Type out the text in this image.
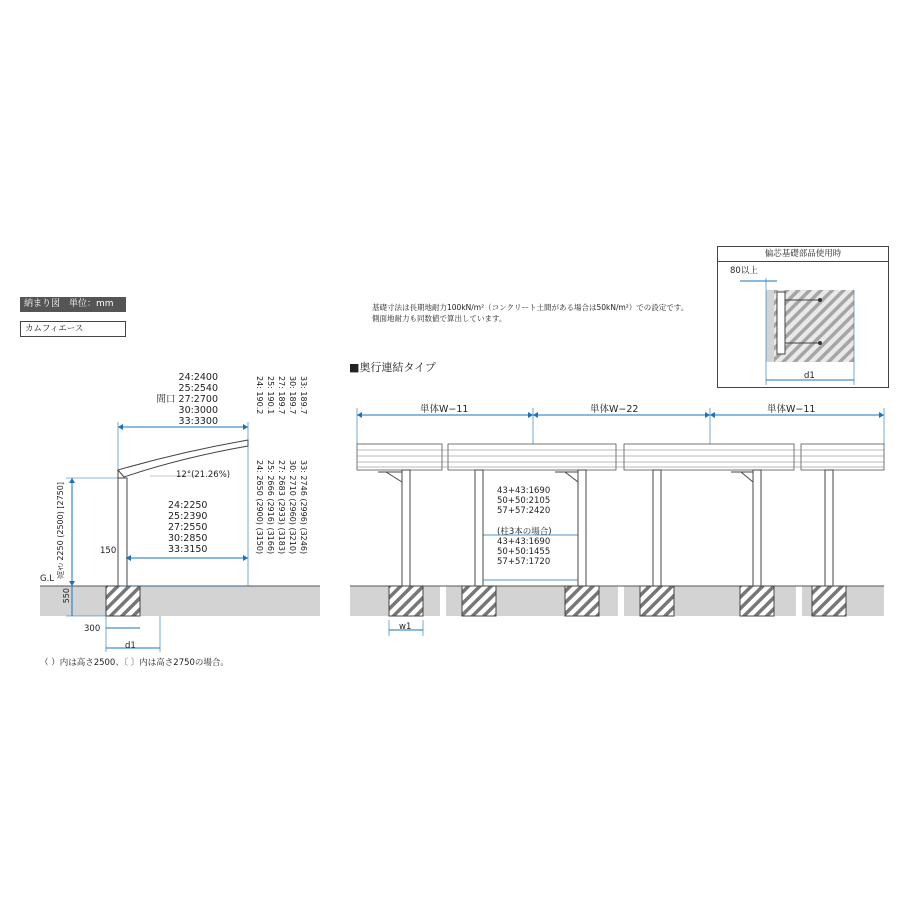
納まり図　単位：mm
カムフィエース
基礎寸法は長期地耐力100kN/m²（コンクリート土間がある場合は50kN/m²）での設定です。
側面地耐力も同数値で算出しています。
（ ）内は高さ2500、〔 〕内は高さ2750の場合。
24:2400
25:2540
間口 27:2700
30:3000
33:3300
12°(21.26%)
24:2250
25:2390
27:2550
30:2850
33:3150
150
G.L
550
300
d1
高さ 2250 (2500) [2750]
24: 190.2 25: 190.1 27: 189.7 30: 189.7 33: 189.7
24: 2650 (2900) (3150) 25: 2666 (2916) (3166) 27: 2683 (2933) (3183) 30: 2710 (2960) (3210) 33: 2746 (2996) (3246)
■奥行連結タイプ
単体W−11	単体W−22	単体W−11
43+43:1690
50+50:2105
57+57:2420
(柱3本の場合)
43+43:1690
50+50:1455
57+57:1720
w1
偏芯基礎部品使用時
80以上
d1
